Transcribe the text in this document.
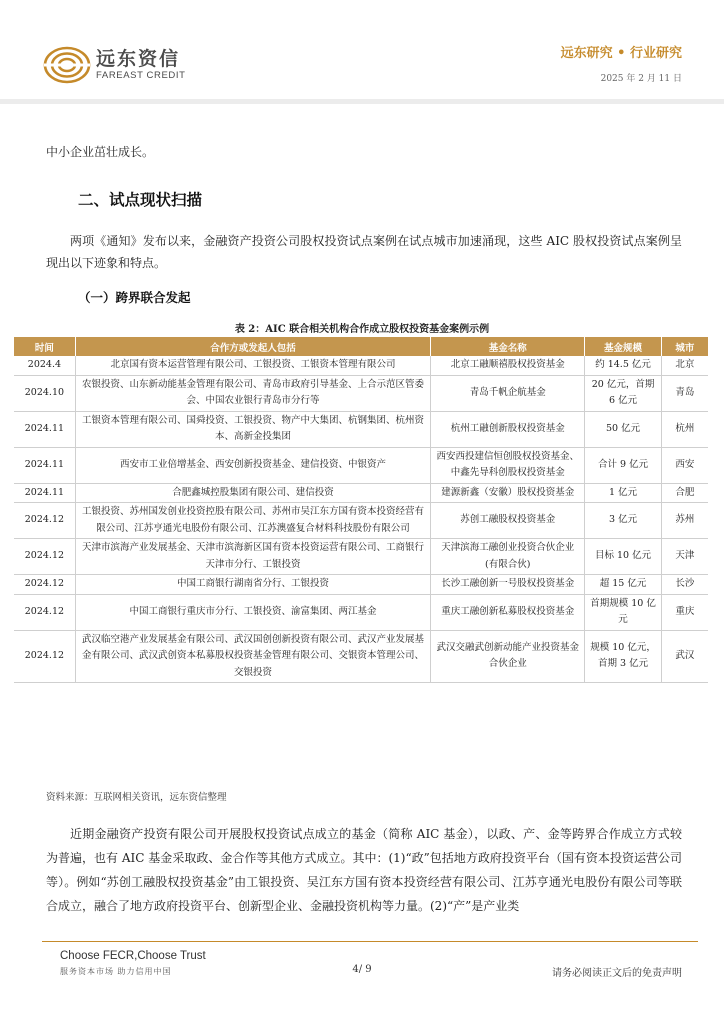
远东资信
FAREAST CREDIT
远东研究 • 行业研究
2025 年 2 月 11 日
中小企业茁壮成长。
二、试点现状扫描
两项《通知》发布以来，金融资产投资公司股权投资试点案例在试点城市加速涌现，这些 AIC 股权投资试点案例呈现出以下迹象和特点。
（一）跨界联合发起
表 2：AIC 联合相关机构合作成立股权投资基金案例示例
时间	合作方或发起人包括	基金名称	基金规模	城市
2024.4	北京国有资本运营管理有限公司、工银投资、工银资本管理有限公司	北京工融顺禧股权投资基金	约 14.5 亿元	北京
2024.10	农银投资、山东新动能基金管理有限公司、青岛市政府引导基金、上合示范区管委会、中国农业银行青岛市分行等	青岛千帆企航基金	20 亿元，首期 6 亿元	青岛
2024.11	工银资本管理有限公司、国舜投资、工银投资、物产中大集团、杭钢集团、杭州资本、高新金投集团	杭州工融创新股权投资基金	50 亿元	杭州
2024.11	西安市工业倍增基金、西安创新投资基金、建信投资、中银资产	西安西投建信恒创股权投资基金、中鑫先导科创股权投资基金	合计 9 亿元	西安
2024.11	合肥鑫城控股集团有限公司、建信投资	建源新鑫（安徽）股权投资基金	1 亿元	合肥
2024.12	工银投资、苏州国发创业投资控股有限公司、苏州市吴江东方国有资本投资经营有限公司、江苏亨通光电股份有限公司、江苏澳盛复合材料科技股份有限公司	苏创工融股权投资基金	3 亿元	苏州
2024.12	天津市滨海产业发展基金、天津市滨海新区国有资本投资运营有限公司、工商银行天津市分行、工银投资	天津滨海工融创业投资合伙企业(有限合伙)	目标 10 亿元	天津
2024.12	中国工商银行湖南省分行、工银投资	长沙工融创新一号股权投资基金	超 15 亿元	长沙
2024.12	中国工商银行重庆市分行、工银投资、渝富集团、两江基金	重庆工融创新私募股权投资基金	首期规模 10 亿元	重庆
2024.12	武汉临空港产业发展基金有限公司、武汉国创创新投资有限公司、武汉产业发展基金有限公司、武汉武创资本私募股权投资基金管理有限公司、交银资本管理公司、交银投资	武汉交融武创新动能产业投资基金合伙企业	规模 10 亿元，首期 3 亿元	武汉
资料来源：互联网相关资讯，远东资信整理
近期金融资产投资有限公司开展股权投资试点成立的基金（简称 AIC 基金），以政、产、金等跨界合作成立方式较为普遍，也有 AIC 基金采取政、金合作等其他方式成立。其中：(1)“政”包括地方政府投资平台（国有资本投资运营公司等）。例如“苏创工融股权投资基金”由工银投资、吴江东方国有资本投资经营有限公司、江苏亨通光电股份有限公司等联合成立，融合了地方政府投资平台、创新型企业、金融投资机构等力量。(2)“产”是产业类
Choose FECR,Choose Trust
服务资本市场 助力信用中国	4/ 9	请务必阅读正文后的免责声明
